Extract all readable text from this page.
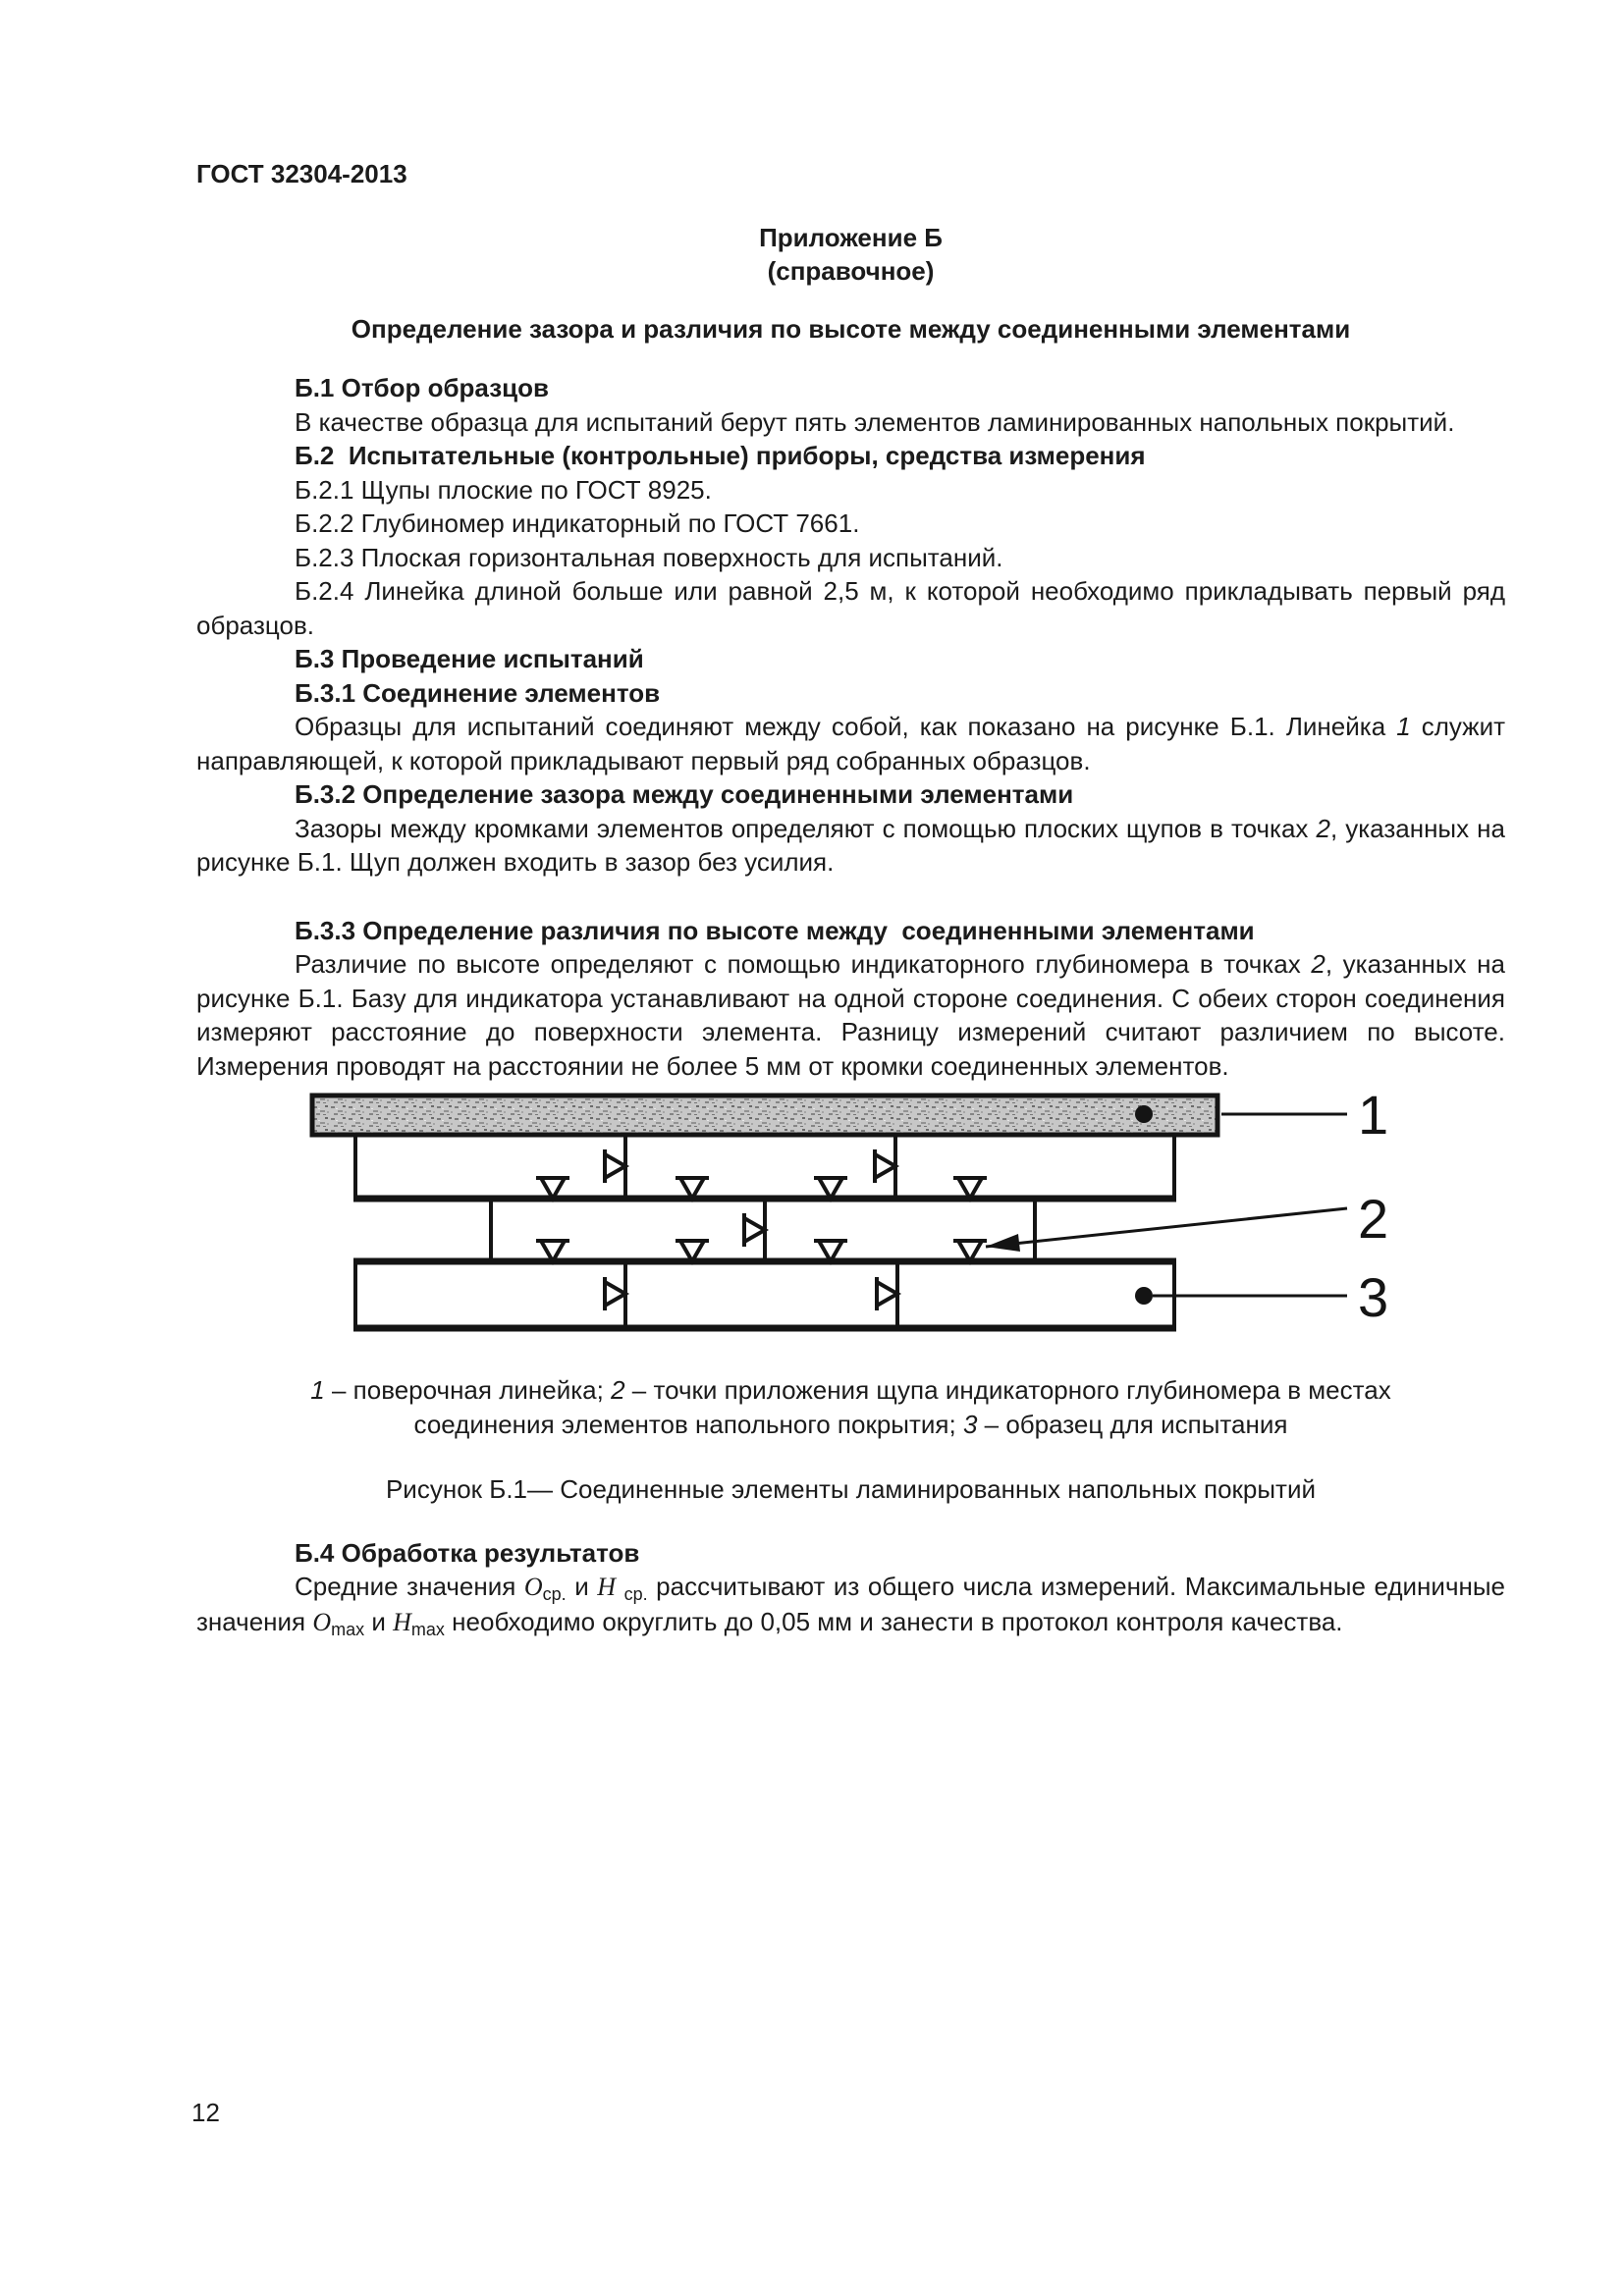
ГОСТ 32304-2013
Приложение Б
(справочное)
Определение зазора и различия по высоте между соединенными элементами

Б.1 Отбор образцов

В качестве образца для испытаний берут пять элементов ламинированных напольных покрытий.

Б.2  Испытательные (контрольные) приборы, средства измерения

Б.2.1 Щупы плоские по ГОСТ 8925.

Б.2.2 Глубиномер индикаторный по ГОСТ 7661.

Б.2.3 Плоская горизонтальная поверхность для испытаний.

Б.2.4 Линейка длиной больше или равной 2,5 м, к которой необходимо прикладывать первый ряд образцов.

Б.3 Проведение испытаний

Б.3.1 Соединение элементов

Образцы для испытаний соединяют между собой, как показано на рисунке Б.1. Линейка 1 служит направляющей, к которой прикладывают первый ряд собранных образцов.

Б.3.2 Определение зазора между соединенными элементами

Зазоры между кромками элементов определяют с помощью плоских щупов в точках 2, указанных на рисунке Б.1. Щуп должен входить в зазор без усилия.

Б.3.3 Определение различия по высоте между  соединенными элементами

Различие по высоте определяют с помощью индикаторного глубиномера в точках 2, указанных на рисунке Б.1. Базу для индикатора устанавливают на одной стороне соединения. С обеих сторон соединения измеряют расстояние до поверхности элемента. Разницу измерений считают различием по высоте. Измерения проводят на расстоянии не более 5 мм от кромки соединенных элементов.

1
2
3
1 – поверочная линейка; 2 – точки приложения щупа индикаторного глубиномера в местах соединения элементов напольного покрытия; 3 – образец для испытания
Рисунок Б.1— Соединенные элементы ламинированных напольных покрытий

Б.4 Обработка результатов

Средние значения $О_{ср.}$ и Н $_{ср.}$ рассчитывают из общего числа измерений. Максимальные единичные значения $О_{max}$ и $Н_{max}$ необходимо округлить до 0,05 мм и занести в протокол контроля качества.

12
